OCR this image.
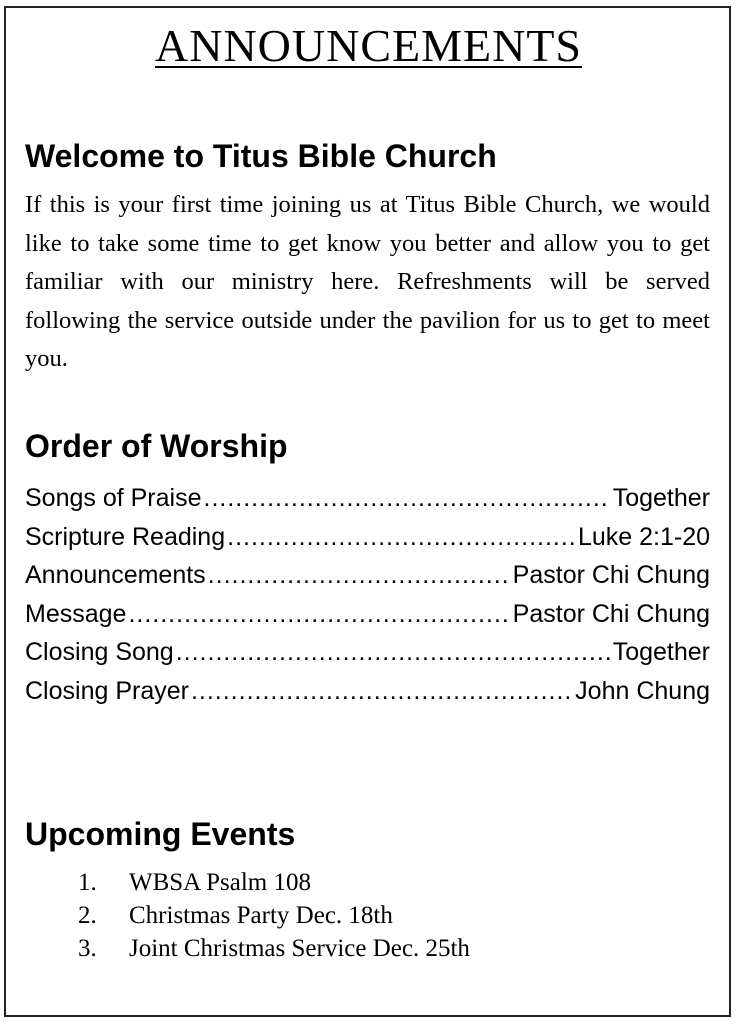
ANNOUNCEMENTS
Welcome to Titus Bible Church

If this is your first time joining us at Titus Bible Church, we would like to take some time to get know you better and allow you to get familiar with our ministry here. Refreshments will be served following the service outside under the pavilion for us to get to meet you.

Order of Worship
Songs of Praise .....	Together
Scripture Reading .....	Luke 2:1-20
Announcements .....	Pastor Chi Chung
Message .....	Pastor Chi Chung
Closing Song .....	Together
Closing Prayer .....	John Chung
Upcoming Events
1.	WBSA Psalm 108
2.	Christmas Party Dec. 18th
3.	Joint Christmas Service Dec. 25th
